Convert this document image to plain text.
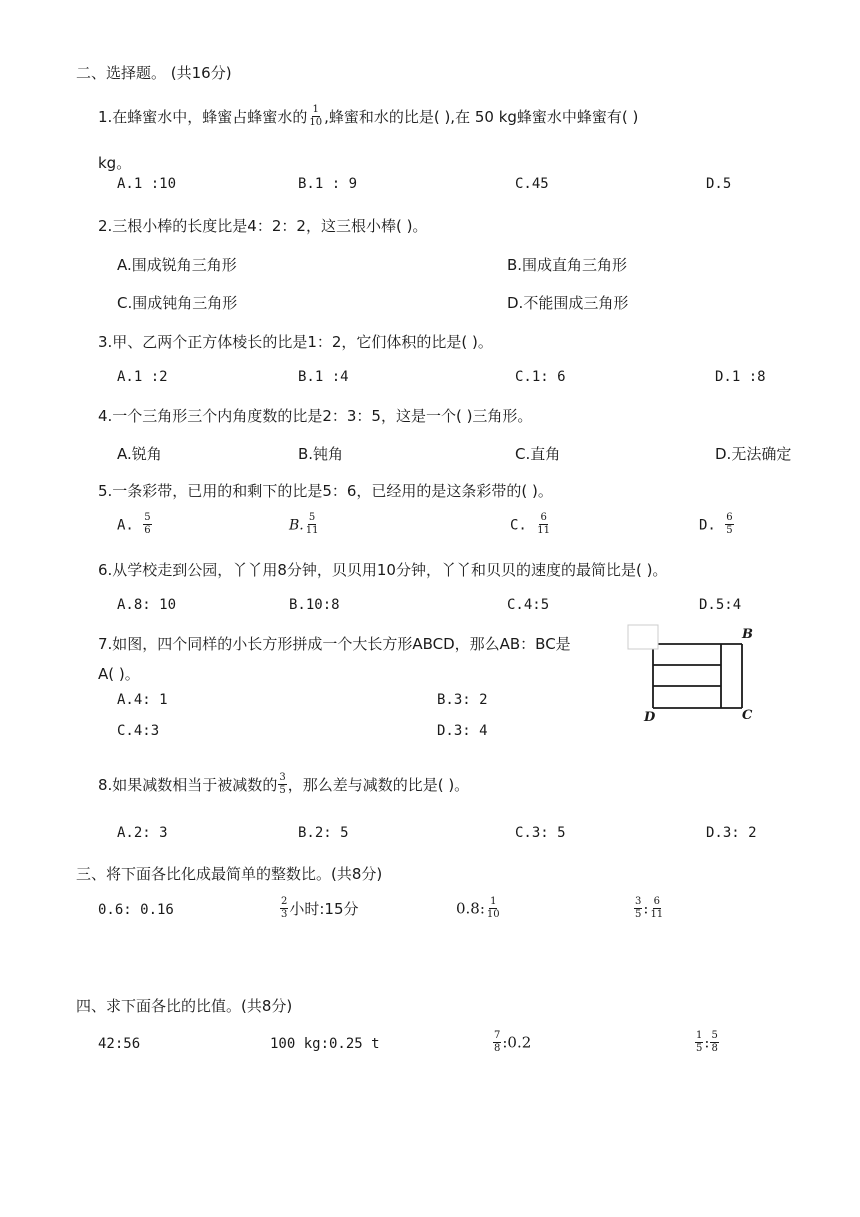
二、选择题。 (共16分)
1.在蜂蜜水中，蜂蜜占蜂蜜水的 $\frac{1}{10}$ ,蜂蜜和水的比是( ),在 50 kg蜂蜜水中蜂蜜有( )
kg。
A.1 :10	B.1 : 9	C.45	D.5
2.三根小棒的长度比是4：2：2，这三根小棒( )。
A.围成锐角三角形	B.围成直角三角形
C.围成钝角三角形	D.不能围成三角形
3.甲、乙两个正方体棱长的比是1：2，它们体积的比是( )。
A.1 :2	B.1 :4	C.1: 6	D.1 :8
4.一个三角形三个内角度数的比是2：3：5，这是一个( )三角形。
A.锐角	B.钝角	C.直角	D.无法确定
5.一条彩带，已用的和剩下的比是5：6，已经用的是这条彩带的( )。
A. $\frac{5}{6}$	B. $\frac{5}{11}$	C. $\frac{6}{11}$	D. $\frac{6}{5}$
6.从学校走到公园，丫丫用8分钟，贝贝用10分钟，丫丫和贝贝的速度的最简比是( )。
A.8: 10	B.10:8	C.4:5	D.5:4
7.如图，四个同样的小长方形拼成一个大长方形ABCD，那么AB：BC是
A( )。
A.4: 1	B.3: 2
C.4:3	D.3: 4
B
C
D
8.如果减数相当于被减数的 $\frac{3}{5}$ ，那么差与减数的比是( )。
A.2: 3	B.2: 5	C.3: 5	D.3: 2
三、将下面各比化成最简单的整数比。(共8分)
0.6: 0.16	$\frac{2}{3}$ 小时:15分	0.8: $\frac{1}{10}$	$\frac{3}{5}$ : $\frac{6}{11}$
四、求下面各比的比值。(共8分)
42:56	100 kg:0.25 t	$\frac{7}{8}$ :0.2	$\frac{1}{5}$ : $\frac{5}{8}$
